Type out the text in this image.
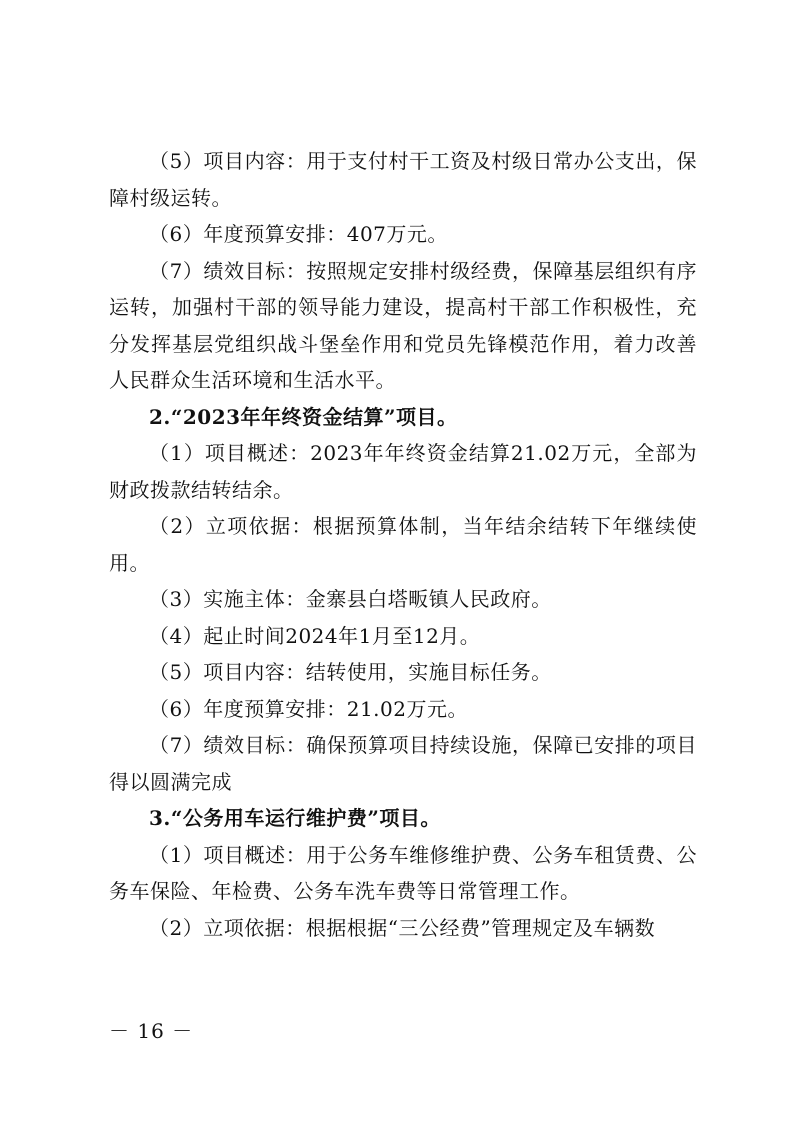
（5）项目内容：用于支付村干工资及村级日常办公支出，保障村级运转。

（6）年度预算安排：407万元。

（7）绩效目标：按照规定安排村级经费，保障基层组织有序运转，加强村干部的领导能力建设，提高村干部工作积极性，充分发挥基层党组织战斗堡垒作用和党员先锋模范作用，着力改善人民群众生活环境和生活水平。

2.“2023年年终资金结算”项目。

（1）项目概述：2023年年终资金结算21.02万元，全部为财政拨款结转结余。

（2）立项依据：根据预算体制，当年结余结转下年继续使用。

（3）实施主体：金寨县白塔畈镇人民政府。

（4）起止时间2024年1月至12月。

（5）项目内容：结转使用，实施目标任务。

（6）年度预算安排：21.02万元。

（7）绩效目标：确保预算项目持续设施，保障已安排的项目得以圆满完成

3.“公务用车运行维护费”项目。

（1）项目概述：用于公务车维修维护费、公务车租赁费、公务车保险、年检费、公务车洗车费等日常管理工作。

（2）立项依据：根据根据“三公经费”管理规定及车辆数

－ 16 －
